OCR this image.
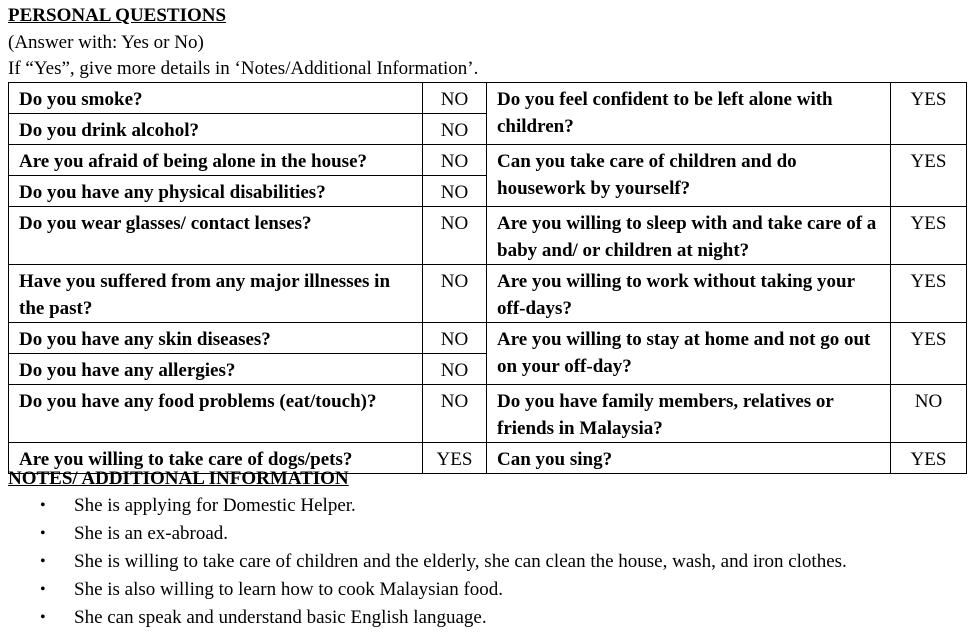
PERSONAL QUESTIONS
(Answer with: Yes or No)
If “Yes”, give more details in ‘Notes/Additional Information’.
Do you smoke?	NO	Do you feel confident to be left alone with children?	YES
Do you drink alcohol?	NO		
Are you afraid of being alone in the house?	NO	Can you take care of children and do housework by yourself?	YES
Do you have any physical disabilities?	NO		
Do you wear glasses/ contact lenses?	NO	Are you willing to sleep with and take care of a baby and/ or children at night?	YES
Have you suffered from any major illnesses in the past?	NO	Are you willing to work without taking your off-days?	YES
Do you have any skin diseases?	NO	Are you willing to stay at home and not go out on your off-day?	YES
Do you have any allergies?	NO		
Do you have any food problems (eat/touch)?	NO	Do you have family members, relatives or friends in Malaysia?	NO
Are you willing to take care of dogs/pets?	YES	Can you sing?	YES
NOTES/ ADDITIONAL INFORMATION
• She is applying for Domestic Helper.
• She is an ex-abroad.
• She is willing to take care of children and the elderly, she can clean the house, wash, and iron clothes.
• She is also willing to learn how to cook Malaysian food.
• She can speak and understand basic English language.
